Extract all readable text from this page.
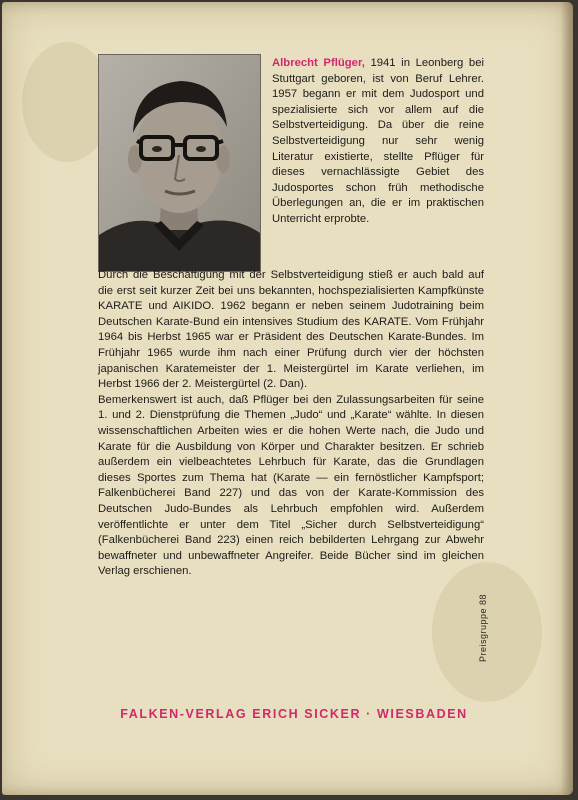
Albrecht Pflüger, 1941 in Leonberg bei Stuttgart geboren, ist von Beruf Lehrer. 1957 begann er mit dem Judosport und spezialisierte sich vor allem auf die Selbstverteidigung. Da über die reine Selbstverteidigung nur sehr wenig Literatur existierte, stellte Pflüger für dieses vernachlässigte Gebiet des Judosportes schon früh methodische Überlegungen an, die er im praktischen Unterricht erprobte.

Durch die Beschäftigung mit der Selbstverteidigung stieß er auch bald auf die erst seit kurzer Zeit bei uns bekannten, hochspezialisierten Kampfkünste KARATE und AIKIDO. 1962 begann er neben seinem Judotraining beim Deutschen Karate-Bund ein intensives Studium des KARATE. Vom Frühjahr 1964 bis Herbst 1965 war er Präsident des Deutschen Karate-Bundes. Im Frühjahr 1965 wurde ihm nach einer Prüfung durch vier der höchsten japanischen Karatemeister der 1. Meistergürtel im Karate verliehen, im Herbst 1966 der 2. Meistergürtel (2. Dan).

Bemerkenswert ist auch, daß Pflüger bei den Zulassungsarbeiten für seine 1. und 2. Dienstprüfung die Themen „Judo“ und „Karate“ wählte. In diesen wissenschaftlichen Arbeiten wies er die hohen Werte nach, die Judo und Karate für die Ausbildung von Körper und Charakter besitzen. Er schrieb außerdem ein vielbeachtetes Lehrbuch für Karate, das die Grundlagen dieses Sportes zum Thema hat (Karate — ein fernöstlicher Kampfsport; Falkenbücherei Band 227) und das von der Karate-Kommission des Deutschen Judo-Bundes als Lehrbuch empfohlen wird. Außerdem veröffentlichte er unter dem Titel „Sicher durch Selbstverteidigung“ (Falkenbücherei Band 223) einen reich bebilderten Lehrgang zur Abwehr bewaffneter und unbewaffneter Angreifer. Beide Bücher sind im gleichen Verlag erschienen.

Preisgruppe 88
FALKEN-VERLAG ERICH SICKER · WIESBADEN
